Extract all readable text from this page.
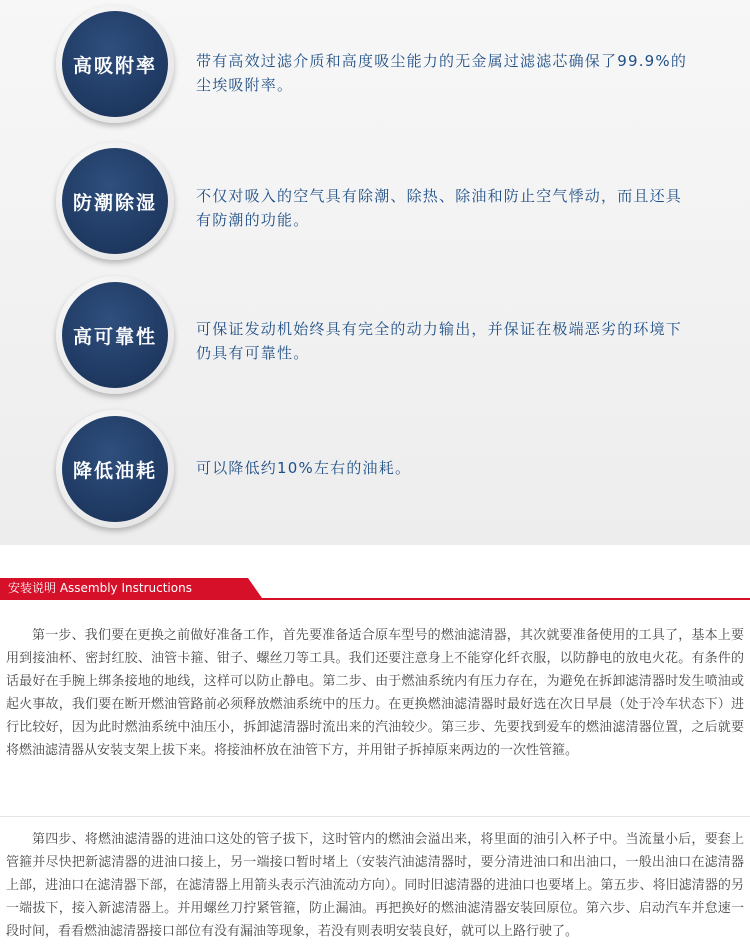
高吸附率	带有高效过滤介质和高度吸尘能力的无金属过滤滤芯确保了99.9%的尘埃吸附率。
防潮除湿	不仅对吸入的空气具有除潮、除热、除油和防止空气悸动，而且还具有防潮的功能。
高可靠性	可保证发动机始终具有完全的动力输出，并保证在极端恶劣的环境下仍具有可靠性。
降低油耗	可以降低约10%左右的油耗。
安装说明 Assembly Instructions

第一步、我们要在更换之前做好准备工作，首先要准备适合原车型号的燃油滤清器，其次就要准备使用的工具了，基本上要用到接油杯、密封红胶、油管卡箍、钳子、螺丝刀等工具。我们还要注意身上不能穿化纤衣服，以防静电的放电火花。有条件的话最好在手腕上绑条接地的地线，这样可以防止静电。第二步、由于燃油系统内有压力存在，为避免在拆卸滤清器时发生喷油或起火事故，我们要在断开燃油管路前必须释放燃油系统中的压力。在更换燃油滤清器时最好选在次日早晨（处于冷车状态下）进行比较好，因为此时燃油系统中油压小，拆卸滤清器时流出来的汽油较少。第三步、先要找到爱车的燃油滤清器位置，之后就要将燃油滤清器从安装支架上拔下来。将接油杯放在油管下方，并用钳子拆掉原来两边的一次性管箍。

第四步、将燃油滤清器的进油口这处的管子拔下，这时管内的燃油会溢出来，将里面的油引入杯子中。当流量小后，要套上管箍并尽快把新滤清器的进油口接上，另一端接口暂时堵上（安装汽油滤清器时，要分清进油口和出油口，一般出油口在滤清器上部，进油口在滤清器下部，在滤清器上用箭头表示汽油流动方向）。同时旧滤清器的进油口也要堵上。第五步、将旧滤清器的另一端拔下，接入新滤清器上。并用螺丝刀拧紧管箍，防止漏油。再把换好的燃油滤清器安装回原位。第六步、启动汽车并怠速一段时间，看看燃油滤清器接口部位有没有漏油等现象，若没有则表明安装良好，就可以上路行驶了。
